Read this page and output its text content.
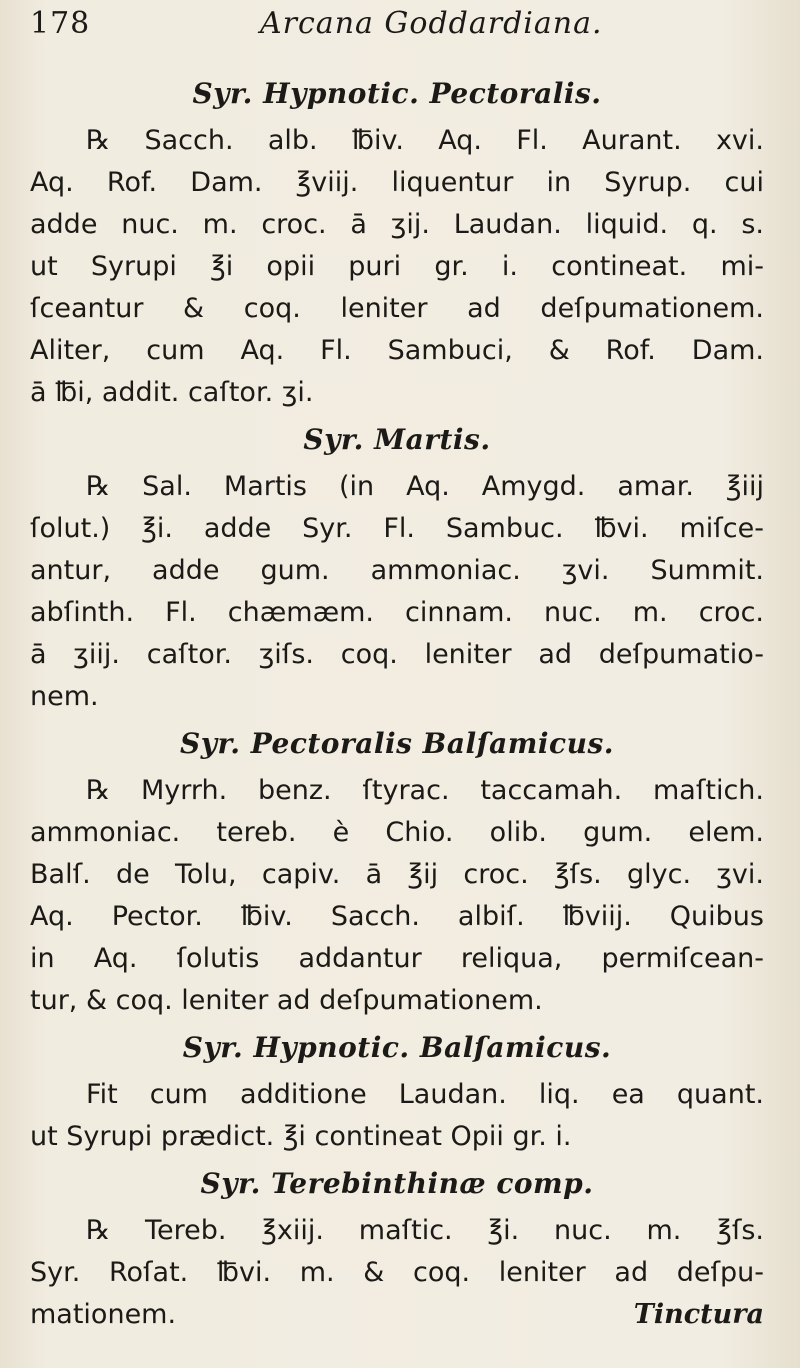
178	Arcana Goddardiana.
Syr. Hypnotic. Pectoralis.
℞ Sacch. alb. ℔iv. Aq. Fl. Aurant. xvi.
Aq. Rof. Dam. ℥viij. liquentur in Syrup. cui
adde nuc. m. croc. ā ʒij. Laudan. liquid. q. s.
ut Syrupi ℥i opii puri gr. i. contineat. mi-
ſceantur & coq. leniter ad deſpumationem.
Aliter, cum Aq. Fl. Sambuci, & Rof. Dam.
ā ℔i, addit. caſtor. ʒi.
Syr. Martis.
℞ Sal. Martis (in Aq. Amygd. amar. ℥iij
ſolut.) ℥i. adde Syr. Fl. Sambuc. ℔vi. miſce-
antur, adde gum. ammoniac. ʒvi. Summit.
abſinth. Fl. chæmæm. cinnam. nuc. m. croc.
ā ʒiij. caſtor. ʒiſs. coq. leniter ad deſpumatio-
nem.
Syr. Pectoralis Balſamicus.
℞ Myrrh. benz. ſtyrac. taccamah. maſtich.
ammoniac. tereb. è Chio. olib. gum. elem.
Balſ. de Tolu, capiv. ā ℥ij croc. ℥ſs. glyc. ʒvi.
Aq. Pector. ℔iv. Sacch. albiſ. ℔viij. Quibus
in Aq. ſolutis addantur reliqua, permiſcean-
tur, & coq. leniter ad deſpumationem.
Syr. Hypnotic. Balſamicus.
Fit cum additione Laudan. liq. ea quant.
ut Syrupi prædict. ℥i contineat Opii gr. i.
Syr. Terebinthinæ comp.
℞ Tereb. ℥xiij. maſtic. ℥i. nuc. m. ℥ſs.
Syr. Roſat. ℔vi. m. & coq. leniter ad deſpu-
mationem.	Tinctura
